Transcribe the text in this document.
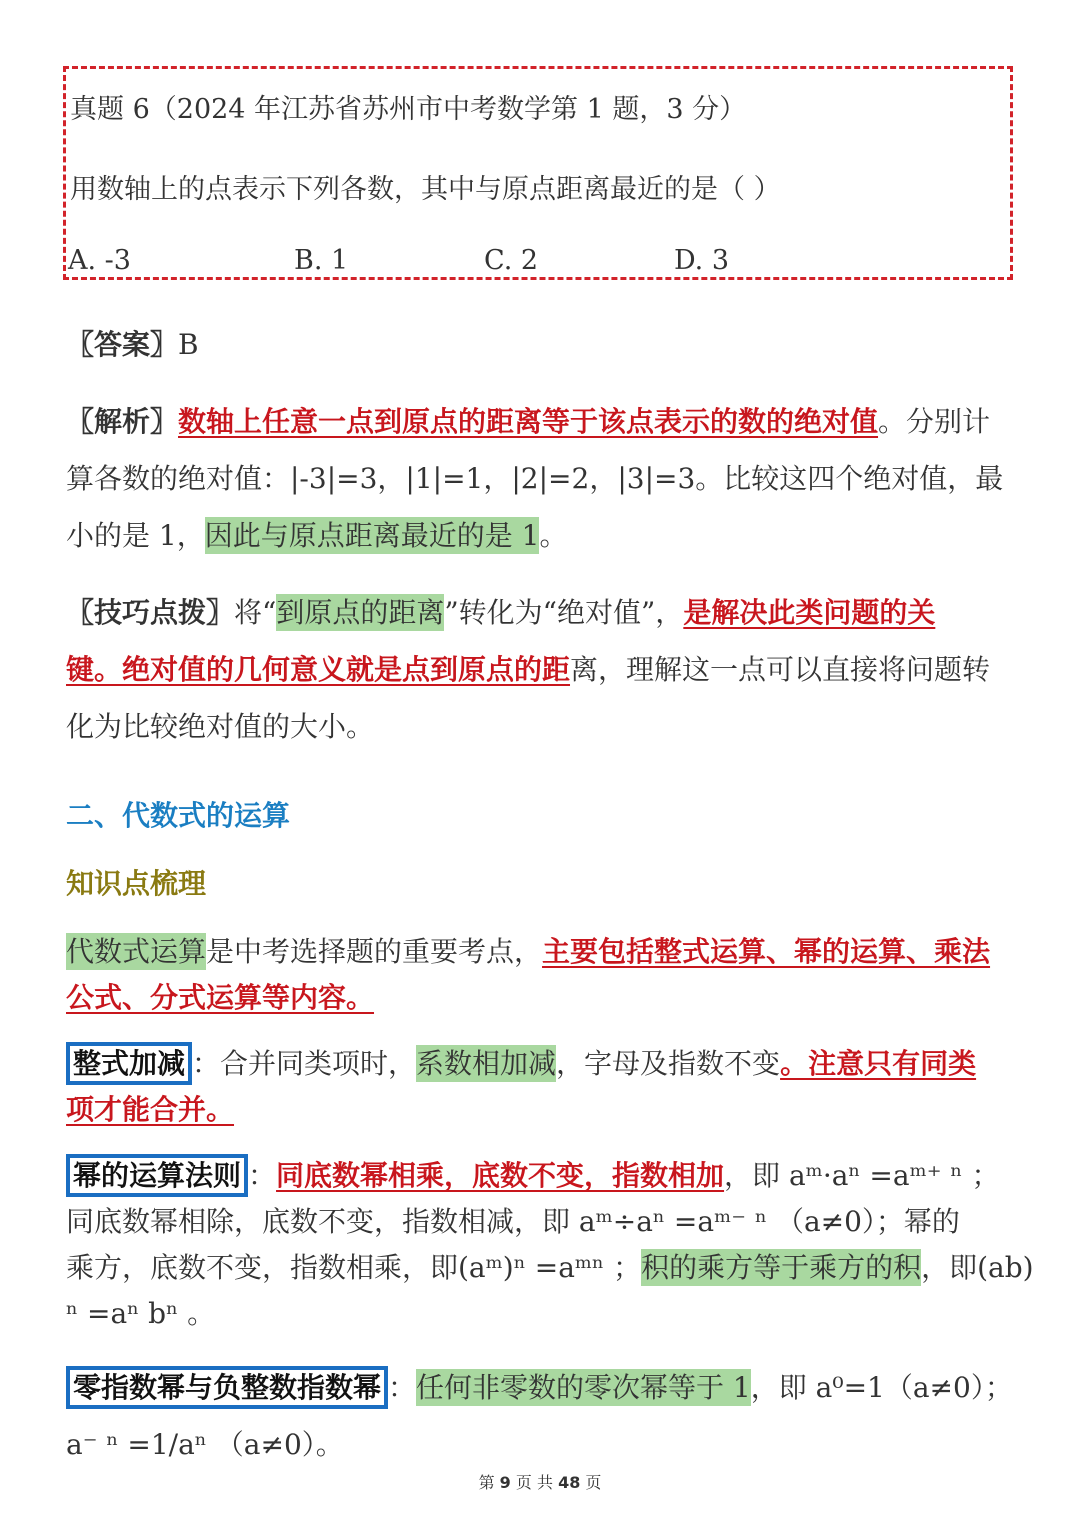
真题 6（2024 年江苏省苏州市中考数学第 1 题，3 分）
用数轴上的点表示下列各数，其中与原点距离最近的是（ ）
A. -3	B. 1	C. 2	D. 3
〖答案〗B
〖解析〗数轴上任意一点到原点的距离等于该点表示的数的绝对值。分别计
算各数的绝对值：|-3|=3，|1|=1，|2|=2，|3|=3。比较这四个绝对值，最
小的是 1，因此与原点距离最近的是 1。
〖技巧点拨〗将“到原点的距离”转化为“绝对值”，是解决此类问题的关
键。绝对值的几何意义就是点到原点的距离，理解这一点可以直接将问题转
化为比较绝对值的大小。
二、代数式的运算
知识点梳理
代数式运算是中考选择题的重要考点，主要包括整式运算、幂的运算、乘法
公式、分式运算等内容。
整式加减 ：合并同类项时，系数相加减，字母及指数不变。注意只有同类
项才能合并。
幂的运算法则 ：同底数幂相乘，底数不变，指数相加，即 aᵐ·aⁿ =aᵐ⁺ ⁿ ；
同底数幂相除，底数不变，指数相减，即 aᵐ÷aⁿ =aᵐ⁻ ⁿ （a≠0）；幂的
乘方，底数不变，指数相乘，即(aᵐ)ⁿ =aᵐⁿ ；积的乘方等于乘方的积，即(ab)
ⁿ =aⁿ bⁿ 。
零指数幂与负整数指数幂 ：任何非零数的零次幂等于 1，即 a⁰=1（a≠0）；
a⁻ ⁿ =1/aⁿ （a≠0）。
第 9 页 共 48 页
